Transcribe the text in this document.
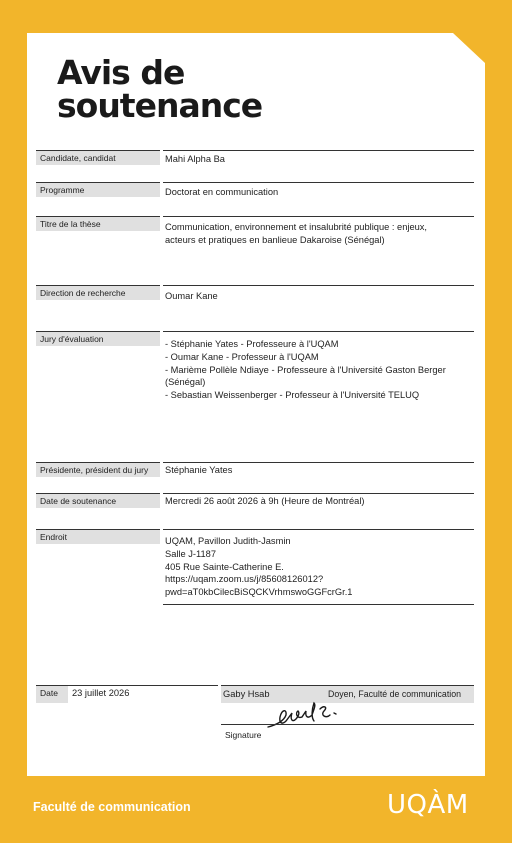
Avis de
soutenance
Candidate, candidat	Mahi Alpha Ba
Programme	Doctorat en communication
Titre de la thèse	Communication, environnement et insalubrité publique : enjeux,
acteurs et pratiques en banlieue Dakaroise (Sénégal)
Direction de recherche	Oumar Kane
Jury d'évaluation	- Stéphanie Yates - Professeure à l'UQAM
- Oumar Kane - Professeur à l'UQAM
- Marième Pollèle Ndiaye - Professeure à l'Université Gaston Berger
(Sénégal)
- Sebastian Weissenberger - Professeur à l'Université TELUQ
Présidente, président du jury	Stéphanie Yates
Date de soutenance	Mercredi 26 août 2026 à 9h (Heure de Montréal)
Endroit	UQAM, Pavillon Judith-Jasmin
Salle J-1187
405 Rue Sainte-Catherine E.
https://uqam.zoom.us/j/85608126012?
pwd=aT0kbCilecBiSQCKVrhmswoGGFcrGr.1
Date	23 juillet 2026	Gaby Hsab	Doyen, Faculté de communication
Signature
Faculté de communication	UQÀM
